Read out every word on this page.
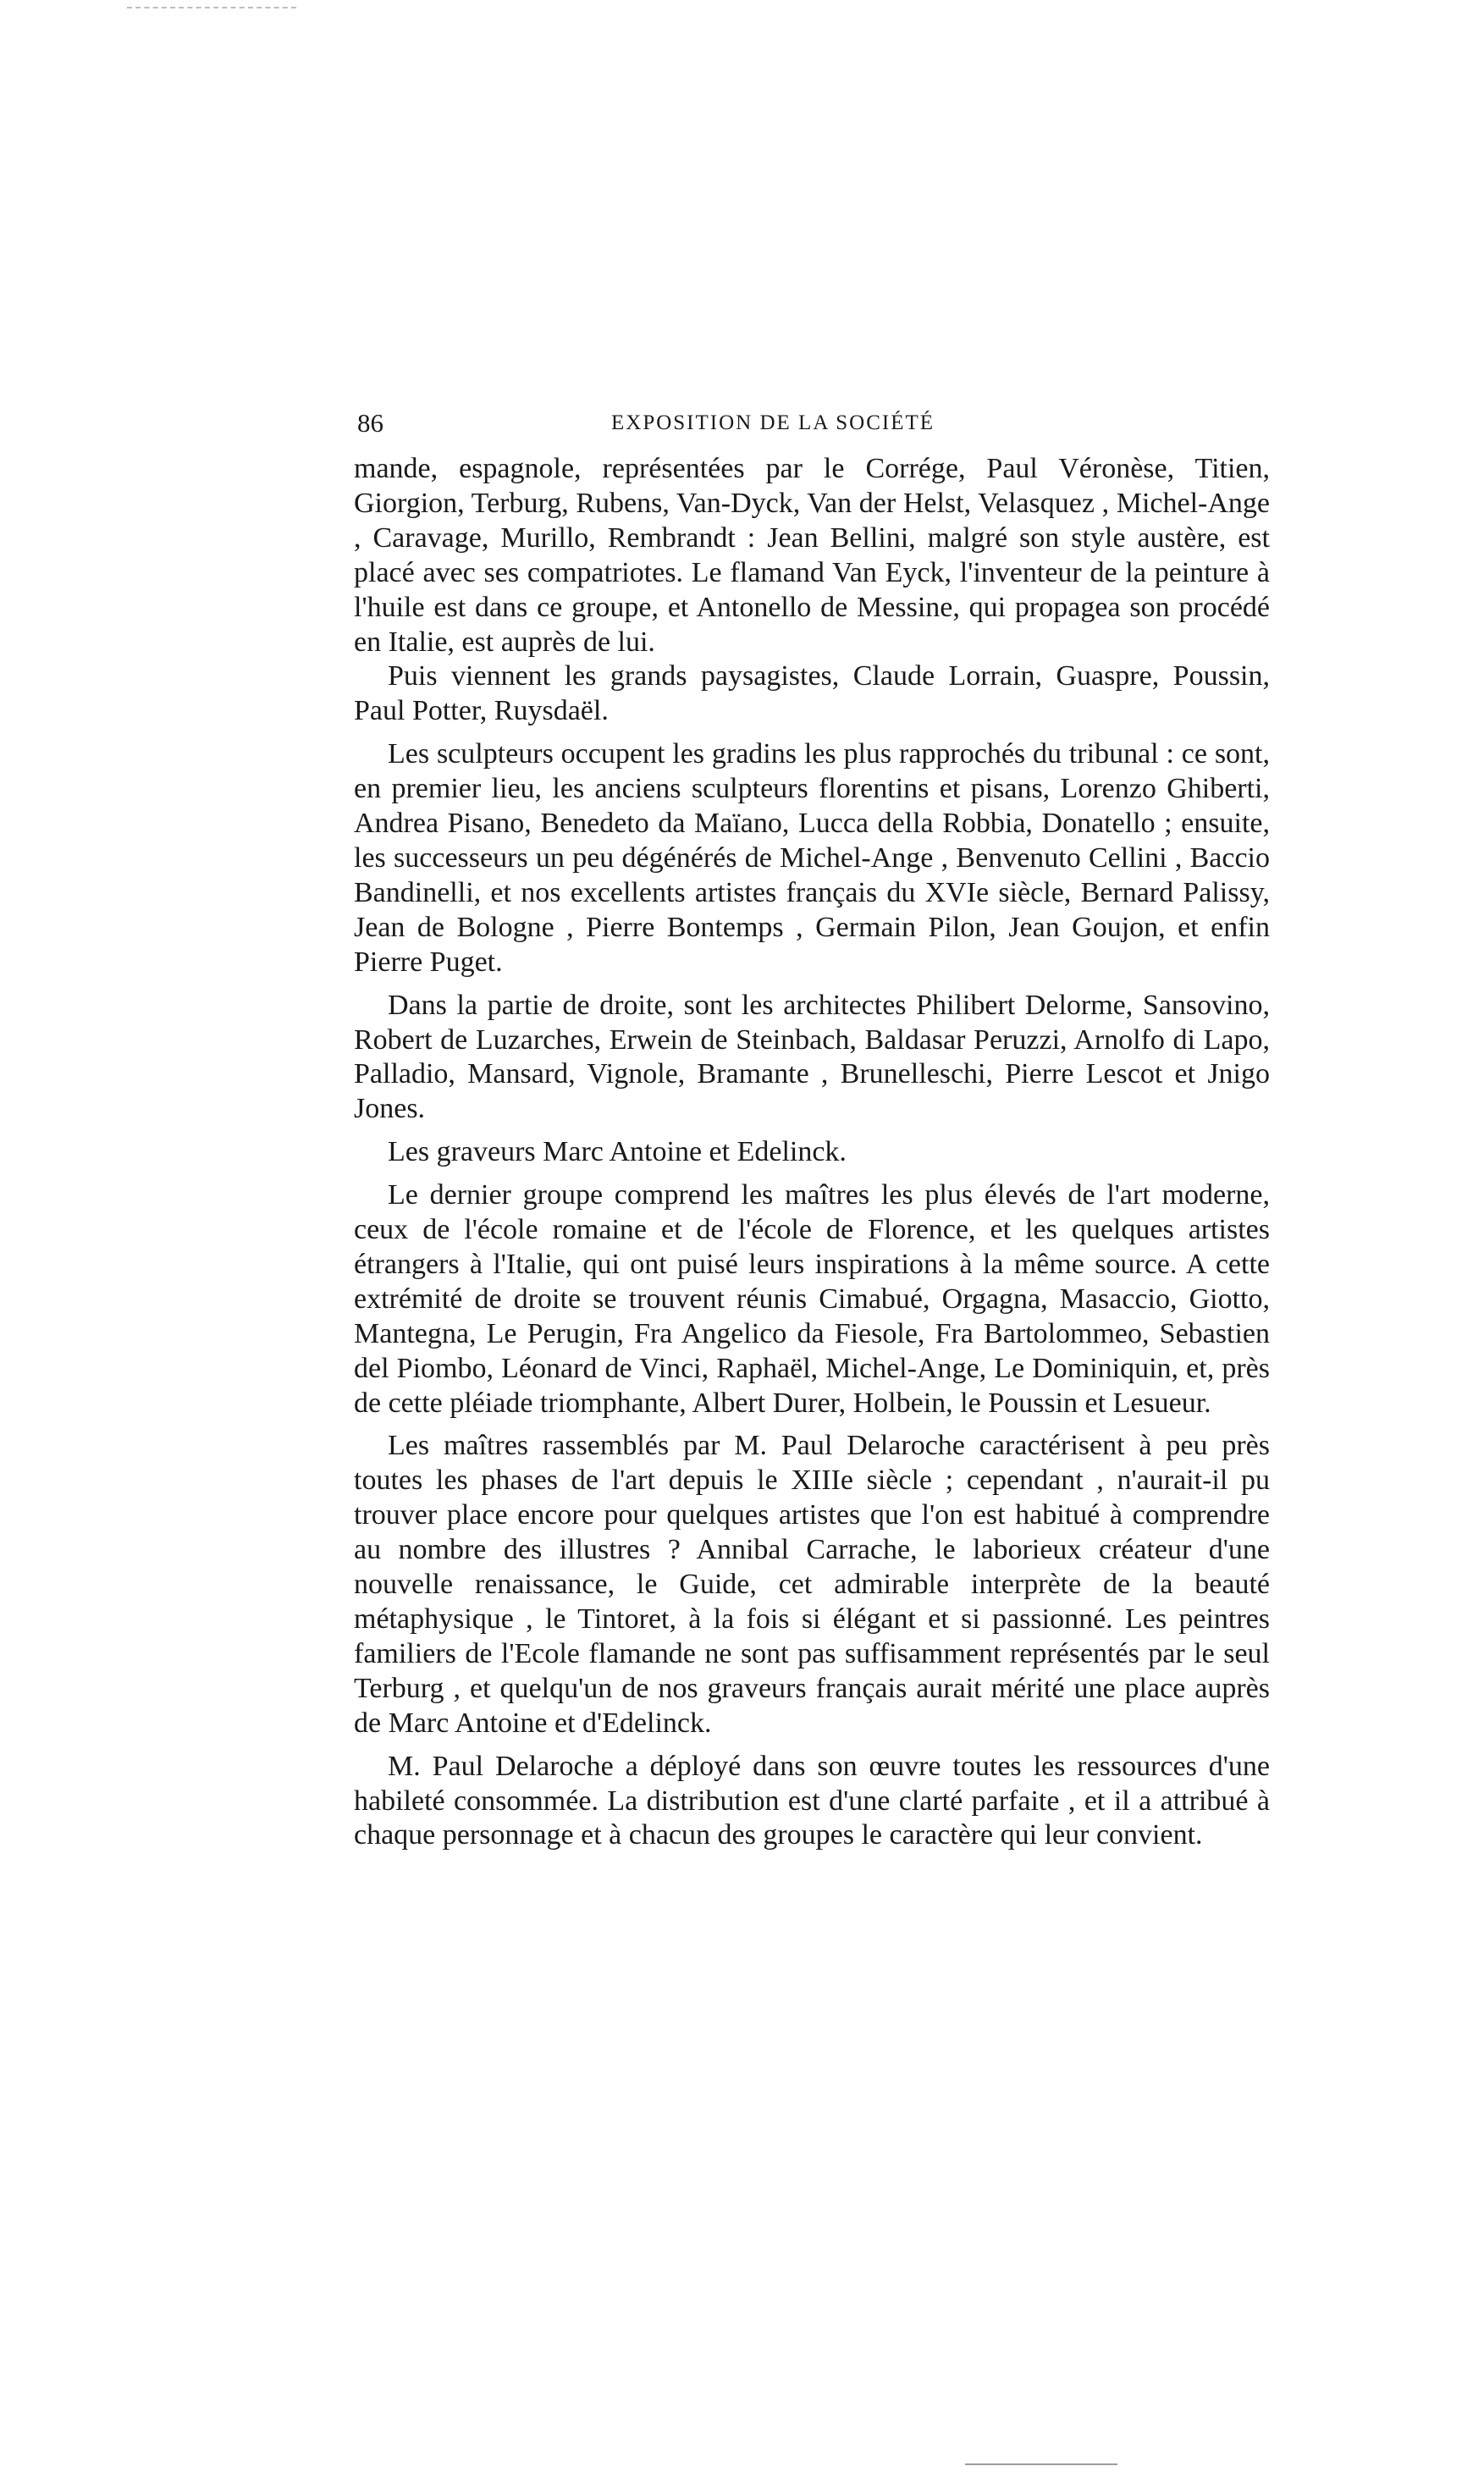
86	EXPOSITION DE LA SOCIÉTÉ

mande, espagnole, représentées par le Corrége, Paul Véronèse, Titien, Giorgion, Terburg, Rubens, Van-Dyck, Van der Helst, Velasquez , Michel-Ange , Caravage, Murillo, Rembrandt : Jean Bellini, malgré son style austère, est placé avec ses compatriotes. Le flamand Van Eyck, l'inventeur de la peinture à l'huile est dans ce groupe, et Antonello de Messine, qui propagea son procédé en Italie, est auprès de lui.

Puis viennent les grands paysagistes, Claude Lorrain, Guaspre, Poussin, Paul Potter, Ruysdaël.

Les sculpteurs occupent les gradins les plus rapprochés du tribunal : ce sont, en premier lieu, les anciens sculpteurs florentins et pisans, Lorenzo Ghiberti, Andrea Pisano, Benedeto da Maïano, Lucca della Robbia, Donatello ; ensuite, les successeurs un peu dégénérés de Michel-Ange , Benvenuto Cellini , Baccio Bandinelli, et nos excellents artistes français du XVIe siècle, Bernard Palissy, Jean de Bologne , Pierre Bontemps , Germain Pilon, Jean Goujon, et enfin Pierre Puget.

Dans la partie de droite, sont les architectes Philibert Delorme, Sansovino, Robert de Luzarches, Erwein de Steinbach, Baldasar Peruzzi, Arnolfo di Lapo, Palladio, Mansard, Vignole, Bramante , Brunelleschi, Pierre Lescot et Jnigo Jones.

Les graveurs Marc Antoine et Edelinck.

Le dernier groupe comprend les maîtres les plus élevés de l'art moderne, ceux de l'école romaine et de l'école de Florence, et les quelques artistes étrangers à l'Italie, qui ont puisé leurs inspirations à la même source. A cette extrémité de droite se trouvent réunis Cimabué, Orgagna, Masaccio, Giotto, Mantegna, Le Perugin, Fra Angelico da Fiesole, Fra Bartolommeo, Sebastien del Piombo, Léonard de Vinci, Raphaël, Michel-Ange, Le Dominiquin, et, près de cette pléiade triomphante, Albert Durer, Holbein, le Poussin et Lesueur.

Les maîtres rassemblés par M. Paul Delaroche caractérisent à peu près toutes les phases de l'art depuis le XIIIe siècle ; cependant , n'aurait-il pu trouver place encore pour quelques artistes que l'on est habitué à comprendre au nombre des illustres ? Annibal Carrache, le laborieux créateur d'une nouvelle renaissance, le Guide, cet admirable interprète de la beauté métaphysique , le Tintoret, à la fois si élégant et si passionné. Les peintres familiers de l'Ecole flamande ne sont pas suffisamment représentés par le seul Terburg , et quelqu'un de nos graveurs français aurait mérité une place auprès de Marc Antoine et d'Edelinck.

M. Paul Delaroche a déployé dans son œuvre toutes les ressources d'une habileté consommée. La distribution est d'une clarté parfaite , et il a attribué à chaque personnage et à chacun des groupes le caractère qui leur convient.
